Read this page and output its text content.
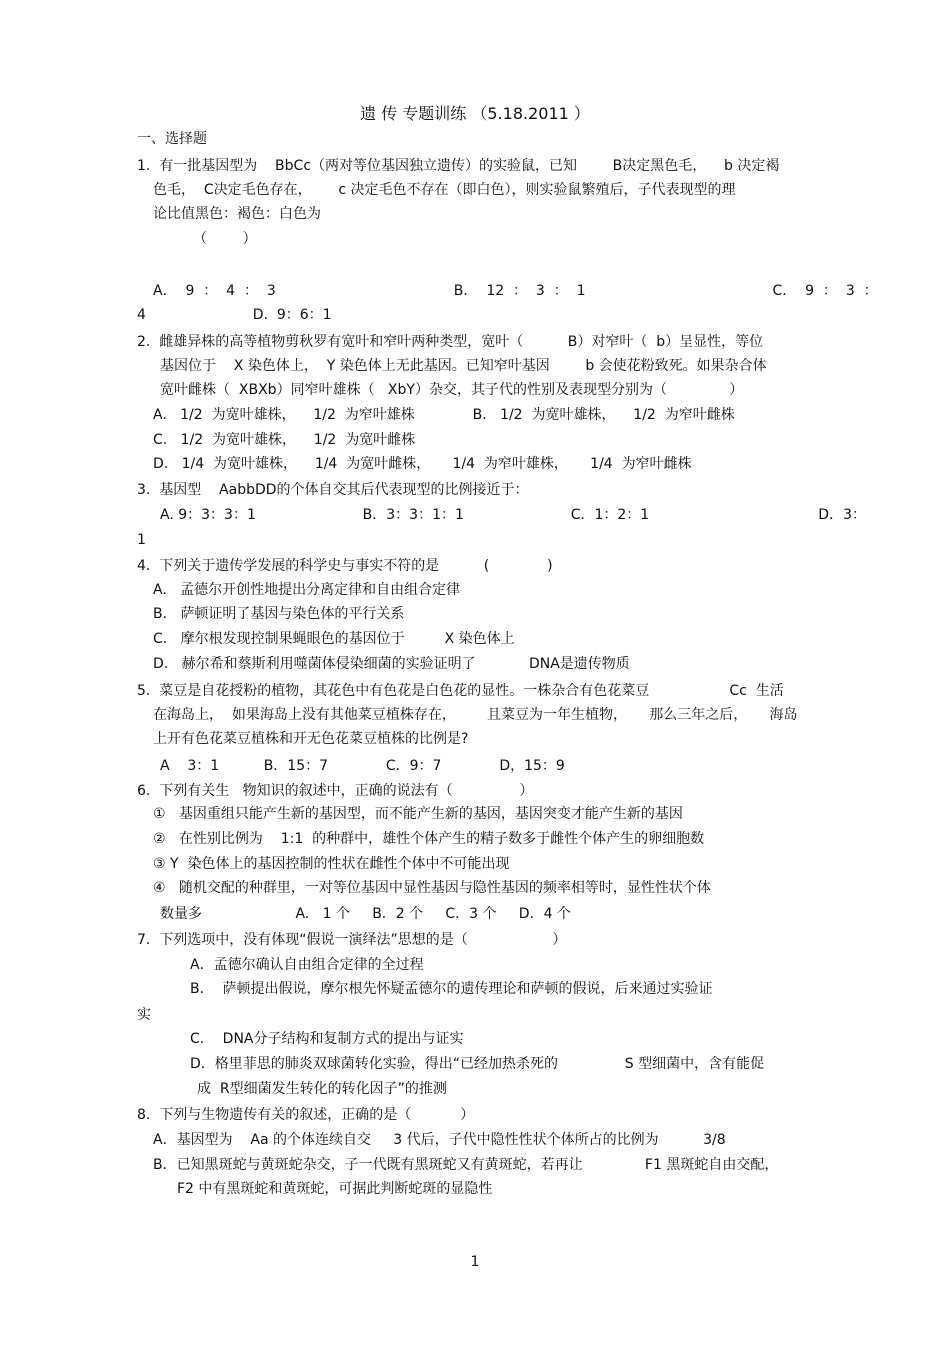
遗 传 专题训练 （5.18.2011 ）
一、选择题
1.  有一批基因型为    BbCc（两对等位基因独立遗传）的实验鼠，已知        B决定黑色毛，    b 决定褐
色毛，  C决定毛色存在，      c 决定毛色不存在（即白色），则实验鼠繁殖后，子代表现型的理
论比值黑色：褐色：白色为
（        ）
A．  9  ：  4  ：  3                                        B．  12  ：  3  ：  1                                          C．  9  ：  3  ：
4                        D.  9：6：1
2.  雌雄异株的高等植物剪秋罗有宽叶和窄叶两种类型，宽叶（          B）对窄叶（  b）呈显性，等位
基因位于    X 染色体上，  Y 染色体上无此基因。已知窄叶基因        b 会使花粉致死。如果杂合体
宽叶雌株（  XBXb）同窄叶雄株（   XbY）杂交，其子代的性别及表现型分别为（              ）
A.   1/2  为宽叶雄株，    1/2  为窄叶雄株             B.   1/2  为宽叶雄株，    1/2  为窄叶雌株
C.   1/2  为宽叶雄株，    1/2  为宽叶雌株
D.   1/4  为宽叶雄株，    1/4  为宽叶雌株，     1/4  为窄叶雄株，     1/4  为窄叶雌株
3.  基因型    AabbDD的个体自交其后代表现型的比例接近于：
A. 9：3：3：1                        B．3：3：1：1                        C．1：2：1                                      D．3：
1
4.  下列关于遗传学发展的科学史与事实不符的是          (             )
A.   孟德尔开创性地提出分离定律和自由组合定律
B.   萨顿证明了基因与染色体的平行关系
C.   摩尔根发现控制果蝇眼色的基因位于         X 染色体上
D.   赫尔希和蔡斯利用噬菌体侵染细菌的实验证明了            DNA是遗传物质
5.  菜豆是自花授粉的植物，其花色中有色花是白色花的显性。一株杂合有色花菜豆                  Cc  生活
在海岛上，  如果海岛上没有其他菜豆植株存在，       且菜豆为一年生植物，     那么三年之后，     海岛
上开有色花菜豆植株和开无色花菜豆植株的比例是?
A    3：1          B．15：7             C．9：7             D，15：9
6.  下列有关生   物知识的叙述中，正确的说法有（               ）
①   基因重组只能产生新的基因型，而不能产生新的基因，基因突变才能产生新的基因
②   在性别比例为    1:1  的种群中，雄性个体产生的精子数多于雌性个体产生的卵细胞数
③ Y  染色体上的基因控制的性状在雌性个体中不可能出现
④   随机交配的种群里，一对等位基因中显性基因与隐性基因的频率相等时，显性性状个体
数量多                     A.   1 个     B．2 个     C．3 个     D．4 个
7.  下列选项中，没有体现“假说一演绎法”思想的是（                   ）
A．孟德尔确认自由组合定律的全过程
B．  萨顿提出假说，摩尔根先怀疑孟德尔的遗传理论和萨顿的假说，后来通过实验证
实
C．  DNA分子结构和复制方式的提出与证实
D．格里菲思的肺炎双球菌转化实验，得出“已经加热杀死的               S 型细菌中，含有能促
成  R型细菌发生转化的转化因子”的推测
8.  下列与生物遗传有关的叙述，正确的是（           ）
A．基因型为    Aa 的个体连续自交     3 代后，子代中隐性性状个体所占的比例为          3/8
B．已知黑斑蛇与黄斑蛇杂交，子一代既有黑斑蛇又有黄斑蛇，若再让              F1 黑斑蛇自由交配，
F2 中有黑斑蛇和黄斑蛇，可据此判断蛇斑的显隐性
1
